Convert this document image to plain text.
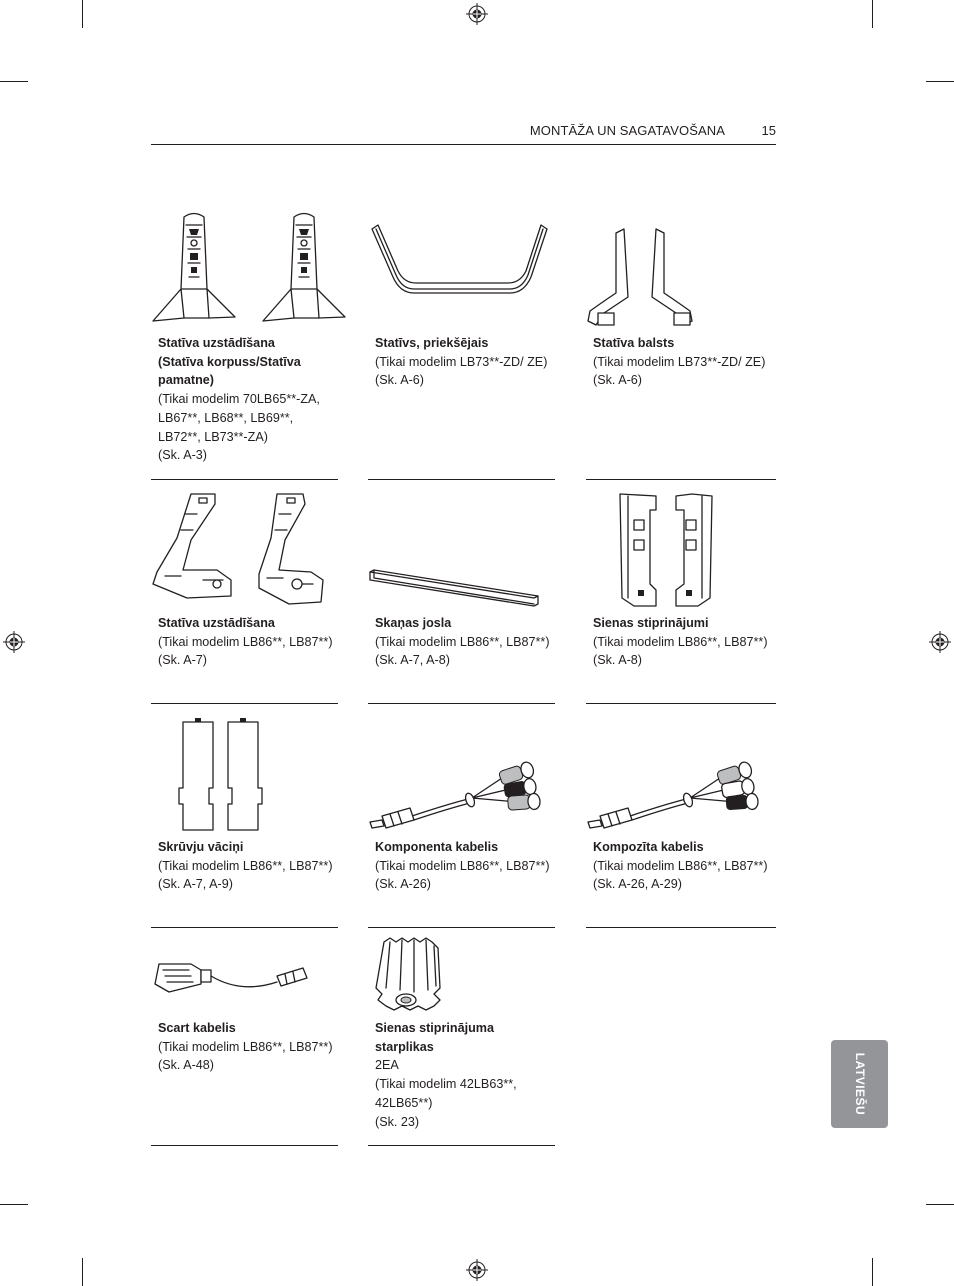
MONTĀŽA UN SAGATAVOŠANA	15
Statīva uzstādīšana
(Statīva korpuss/Statīva pamatne)
(Tikai modelim 70LB65**-ZA, LB67**, LB68**, LB69**, LB72**, LB73**-ZA)
(Sk. A-3)
Statīvs, priekšējais
(Tikai modelim LB73**-ZD/ ZE)
(Sk. A-6)
Statīva balsts
(Tikai modelim LB73**-ZD/ ZE)
(Sk. A-6)
Statīva uzstādīšana
(Tikai modelim LB86**, LB87**)
(Sk. A-7)
Skaņas josla
(Tikai modelim LB86**, LB87**)
(Sk. A-7, A-8)
Sienas stiprinājumi
(Tikai modelim LB86**, LB87**)
(Sk. A-8)
Skrūvju vāciņi
(Tikai modelim LB86**, LB87**)
(Sk. A-7, A-9)
Komponenta kabelis
(Tikai modelim LB86**, LB87**)
(Sk. A-26)
Kompozīta kabelis
(Tikai modelim LB86**, LB87**)
(Sk. A-26, A-29)
Scart kabelis
(Tikai modelim LB86**, LB87**)
(Sk. A-48)
Sienas stiprinājuma starplikas
2EA
(Tikai modelim 42LB63**, 42LB65**)
(Sk. 23)
LATVIEŠU
